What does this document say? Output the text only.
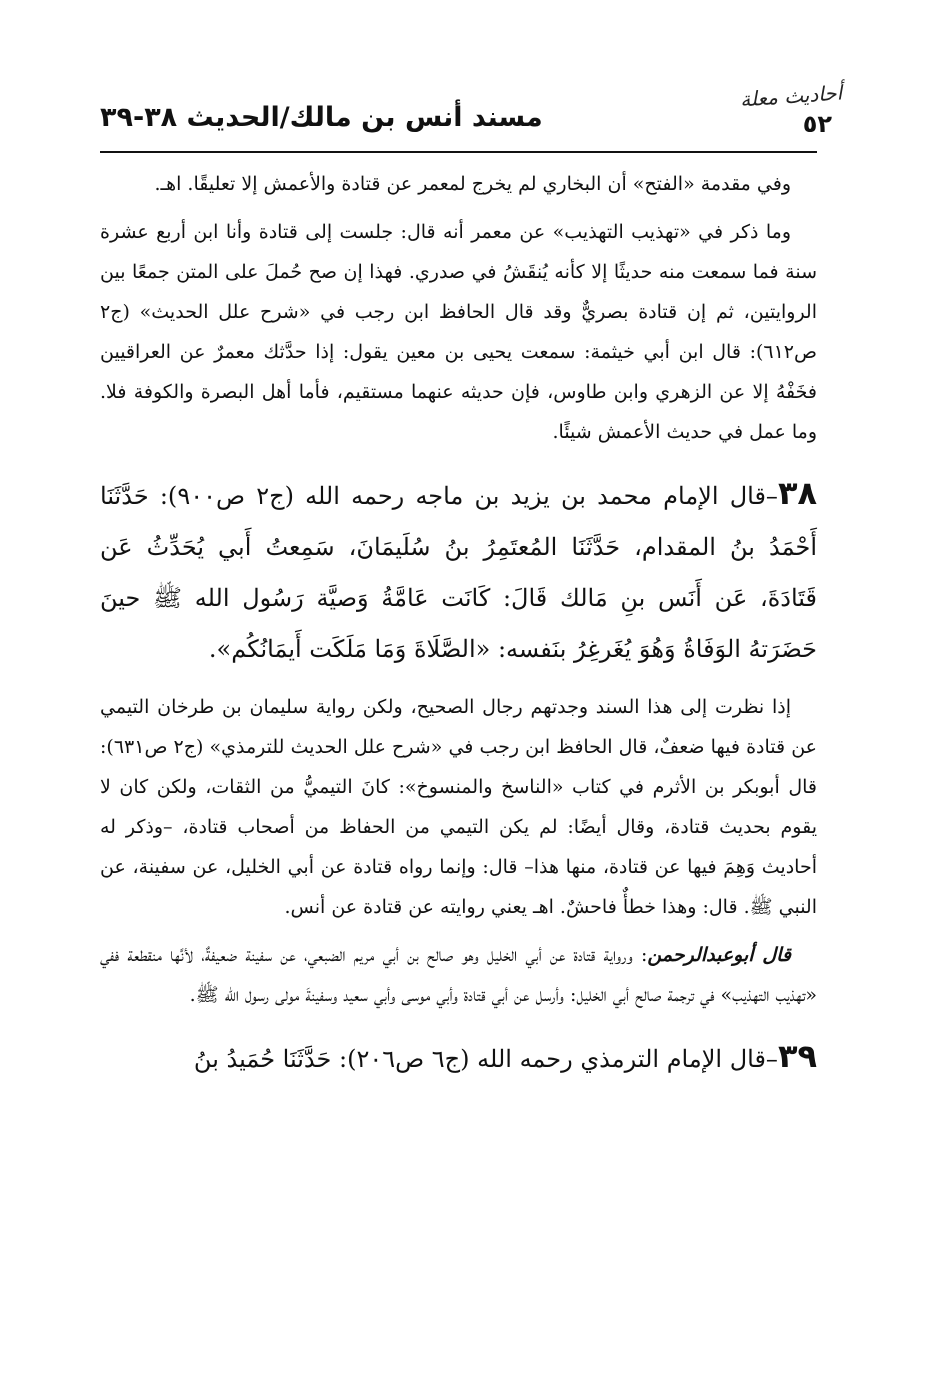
مسند أنس بن مالك/الحديث ٣٨-٣٩
أحاديث معلة
٥٢

وفي مقدمة «الفتح» أن البخاري لم يخرج لمعمر عن قتادة والأعمش إلا تعليقًا. اهـ.

وما ذكر في «تهذيب التهذيب» عن معمر أنه قال: جلست إلى قتادة وأنا ابن أربع عشرة سنة فما سمعت منه حديثًا إلا كأنه يُنقَشُ في صدري. فهذا إن صح حُملَ على المتن جمعًا بين الروايتين، ثم إن قتادة بصريٌّ وقد قال الحافظ ابن رجب في «شرح علل الحديث» (ج٢ ص٦١٢): قال ابن أبي خيثمة: سمعت يحيى بن معين يقول: إذا حدَّثك معمرٌ عن العراقيين فخَفْهُ إلا عن الزهري وابن طاوس، فإن حديثه عنهما مستقيم، فأما أهل البصرة والكوفة فلا. وما عمل في حديث الأعمش شيئًا.

٣٨–قال الإمام محمد بن يزيد بن ماجه رحمه الله (ج٢ ص٩٠٠): حَدَّثَنَا أَحْمَدُ بنُ المقدام، حَدَّثَنَا المُعتَمِرُ بنُ سُلَيمَانَ، سَمِعتُ أَبي يُحَدِّثُ عَن قَتَادَةَ، عَن أَنَس بنِ مَالك قَالَ: كَانَت عَامَّةُ وَصيَّة رَسُول الله ﷺ حينَ حَضَرَتهُ الوَفَاةُ وَهُوَ يُغَرغِرُ بنَفسه: «الصَّلَاةَ وَمَا مَلَكَت أَيمَانُكُم».

إذا نظرت إلى هذا السند وجدتهم رجال الصحيح، ولكن رواية سليمان بن طرخان التيمي عن قتادة فيها ضعفٌ، قال الحافظ ابن رجب في «شرح علل الحديث للترمذي» (ج٢ ص٦٣١): قال أبوبكر بن الأثرم في كتاب «الناسخ والمنسوخ»: كانَ التيميُّ من الثقات، ولكن كان لا يقوم بحديث قتادة، وقال أيضًا: لم يكن التيمي من الحفاظ من أصحاب قتادة، –وذكر له أحاديث وَهِمَ فيها عن قتادة، منها هذا– قال: وإنما رواه قتادة عن أبي الخليل، عن سفينة، عن النبي ﷺ. قال: وهذا خطأٌ فاحشٌ. اهـ يعني روايته عن قتادة عن أنس.

قال أبوعبدالرحمن: ورواية قتادة عن أبي الخليل وهو صالح بن أبي مريم الضبعي، عن سفينة ضعيفةٌ، لأنَّها منقطعة ففي «تهذيب التهذيب» في ترجمة صالح أبي الخليل: وأرسل عن أبي قتادة وأبي موسى وأبي سعيد وسفينةَ مولى رسول الله ﷺ.

٣٩–قال الإمام الترمذي رحمه الله (ج٦ ص٢٠٦): حَدَّثَنَا حُمَيدُ بنُ
